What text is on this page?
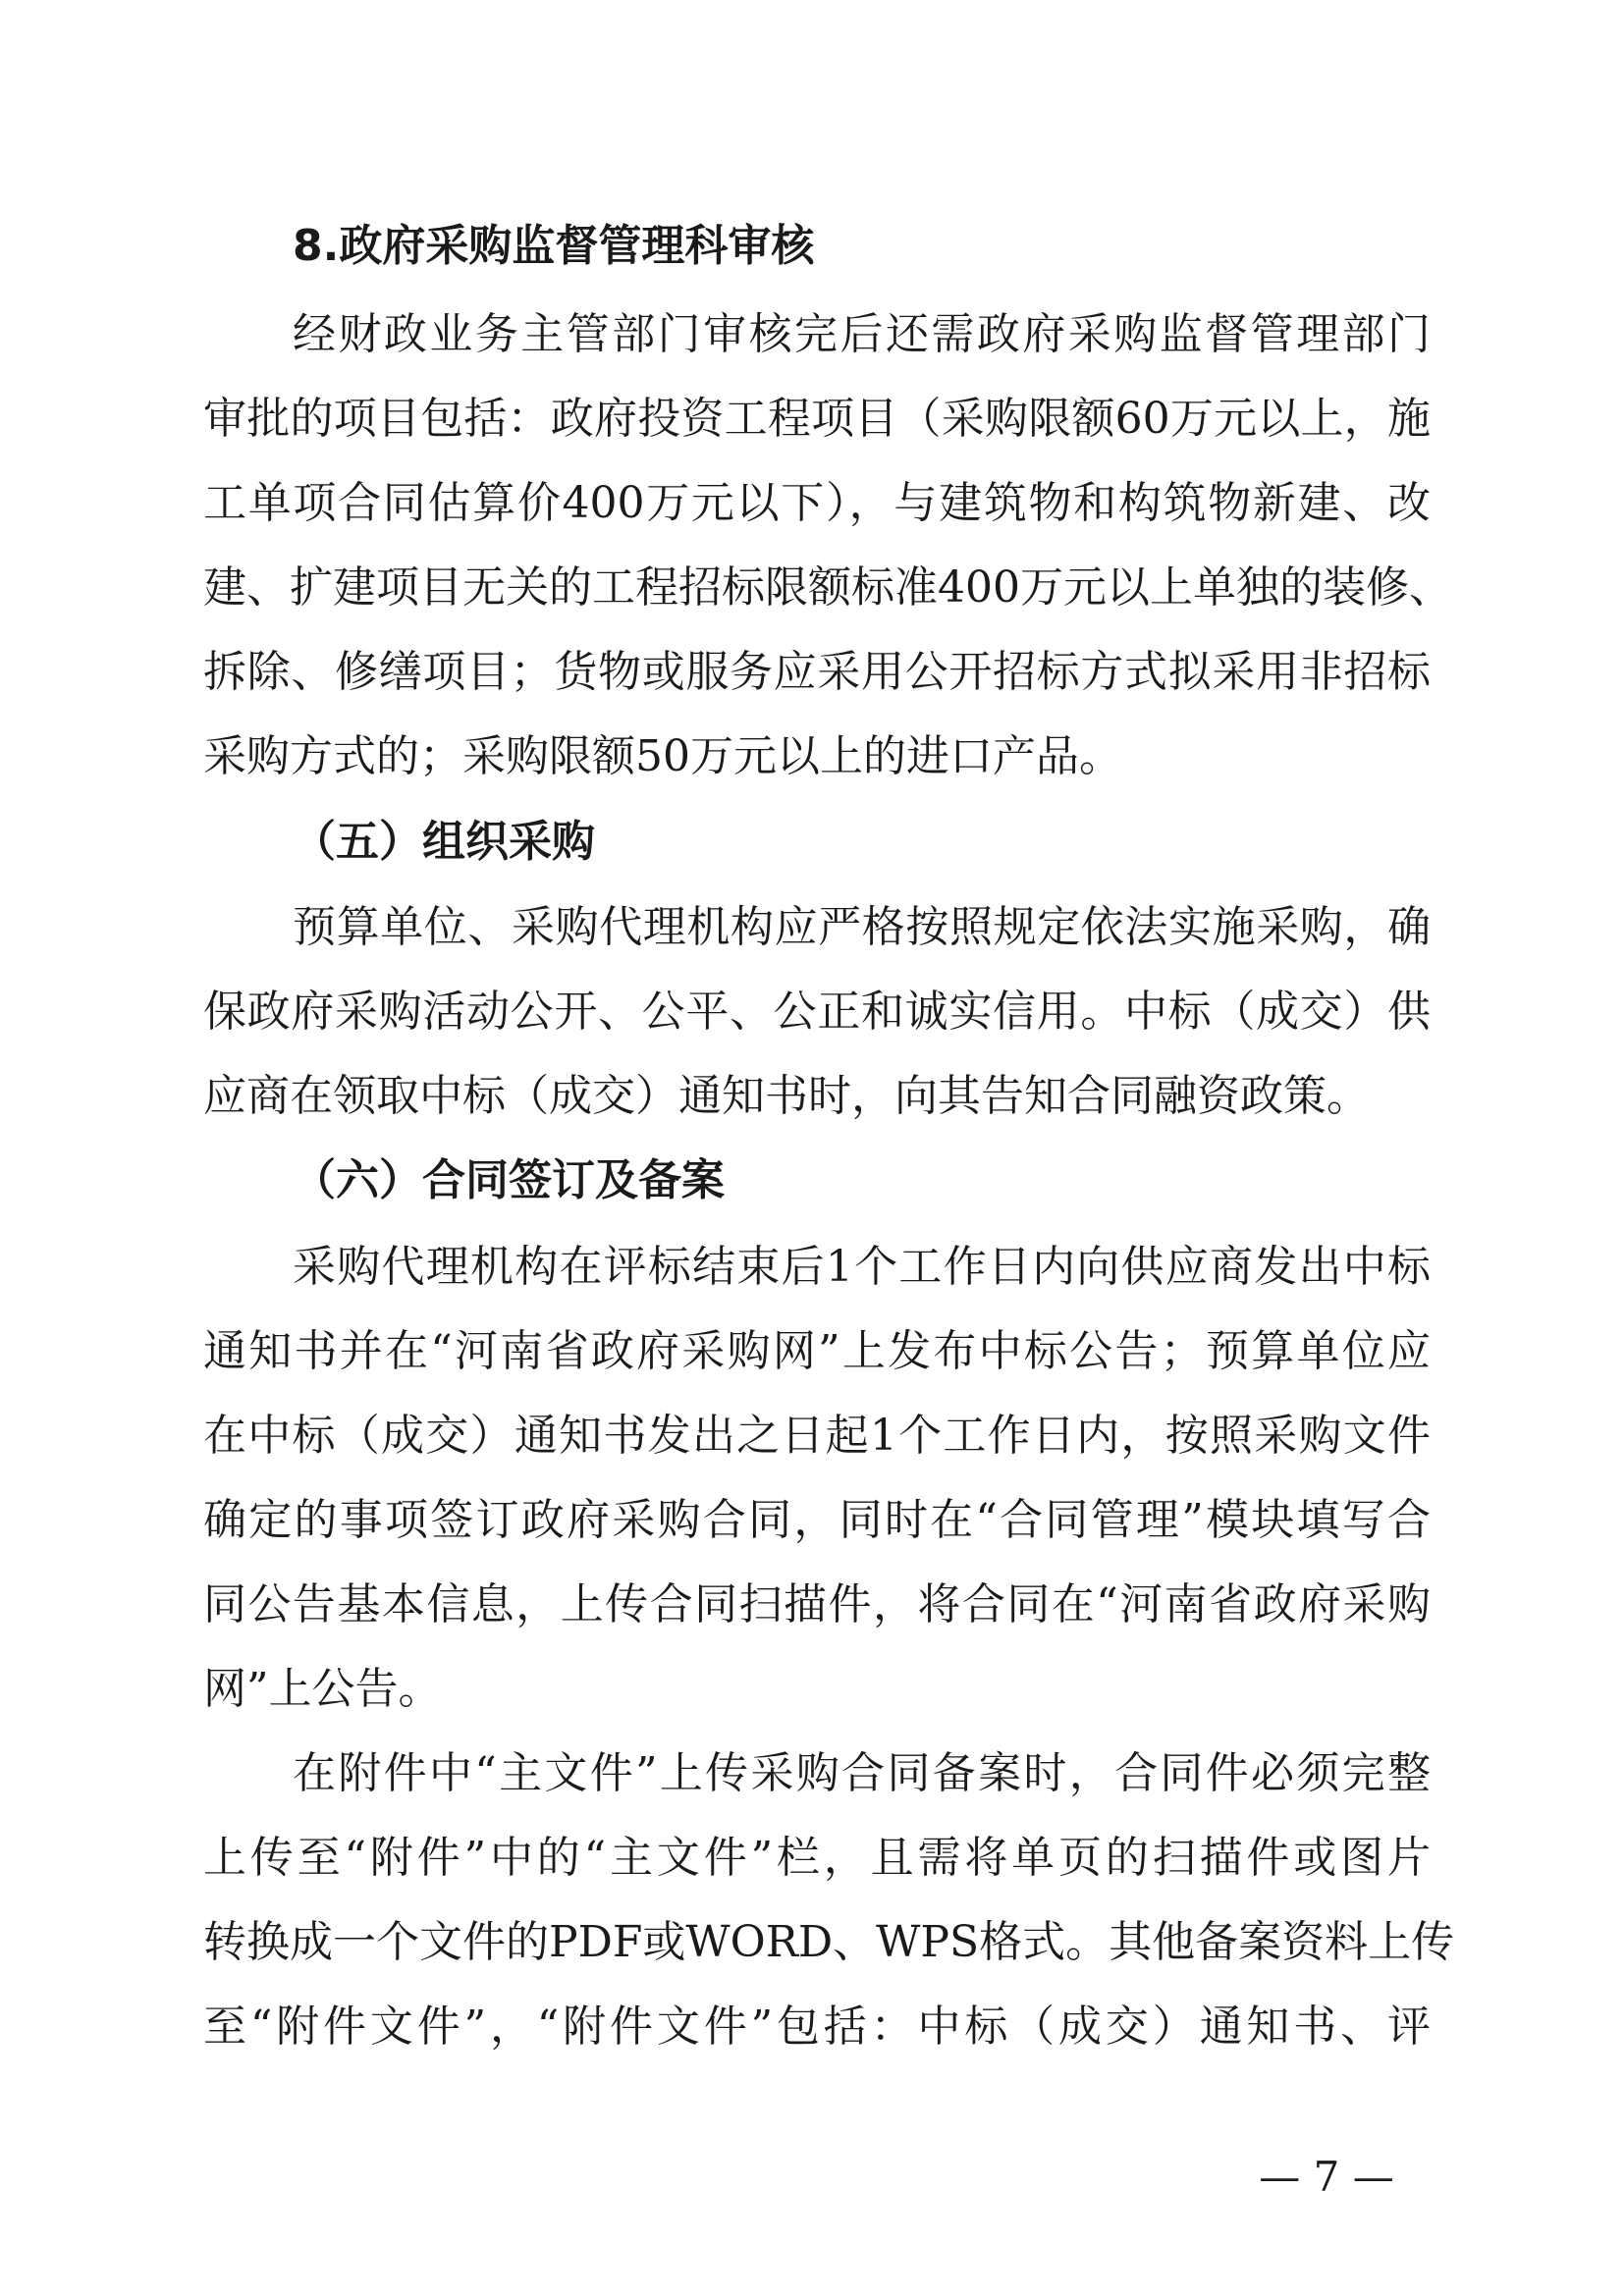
8.政府采购监督管理科审核
经财政业务主管部门审核完后还需政府采购监督管理部门
审批的项目包括：政府投资工程项目（采购限额60万元以上，施
工单项合同估算价400万元以下），与建筑物和构筑物新建、改
建、扩建项目无关的工程招标限额标准400万元以上单独的装修、
拆除、修缮项目；货物或服务应采用公开招标方式拟采用非招标
采购方式的；采购限额50万元以上的进口产品。
（五）组织采购
预算单位、采购代理机构应严格按照规定依法实施采购，确
保政府采购活动公开、公平、公正和诚实信用。中标（成交）供
应商在领取中标（成交）通知书时，向其告知合同融资政策。
（六）合同签订及备案
采购代理机构在评标结束后1个工作日内向供应商发出中标
通知书并在“河南省政府采购网”上发布中标公告；预算单位应
在中标（成交）通知书发出之日起1个工作日内，按照采购文件
确定的事项签订政府采购合同，同时在“合同管理”模块填写合
同公告基本信息，上传合同扫描件，将合同在“河南省政府采购
网”上公告。
在附件中“主文件”上传采购合同备案时，合同件必须完整
上传至“附件”中的“主文件”栏，且需将单页的扫描件或图片
转换成一个文件的PDF或WORD、WPS格式。其他备案资料上传
至“附件文件”，“附件文件”包括：中标（成交）通知书、评
— 7 —
